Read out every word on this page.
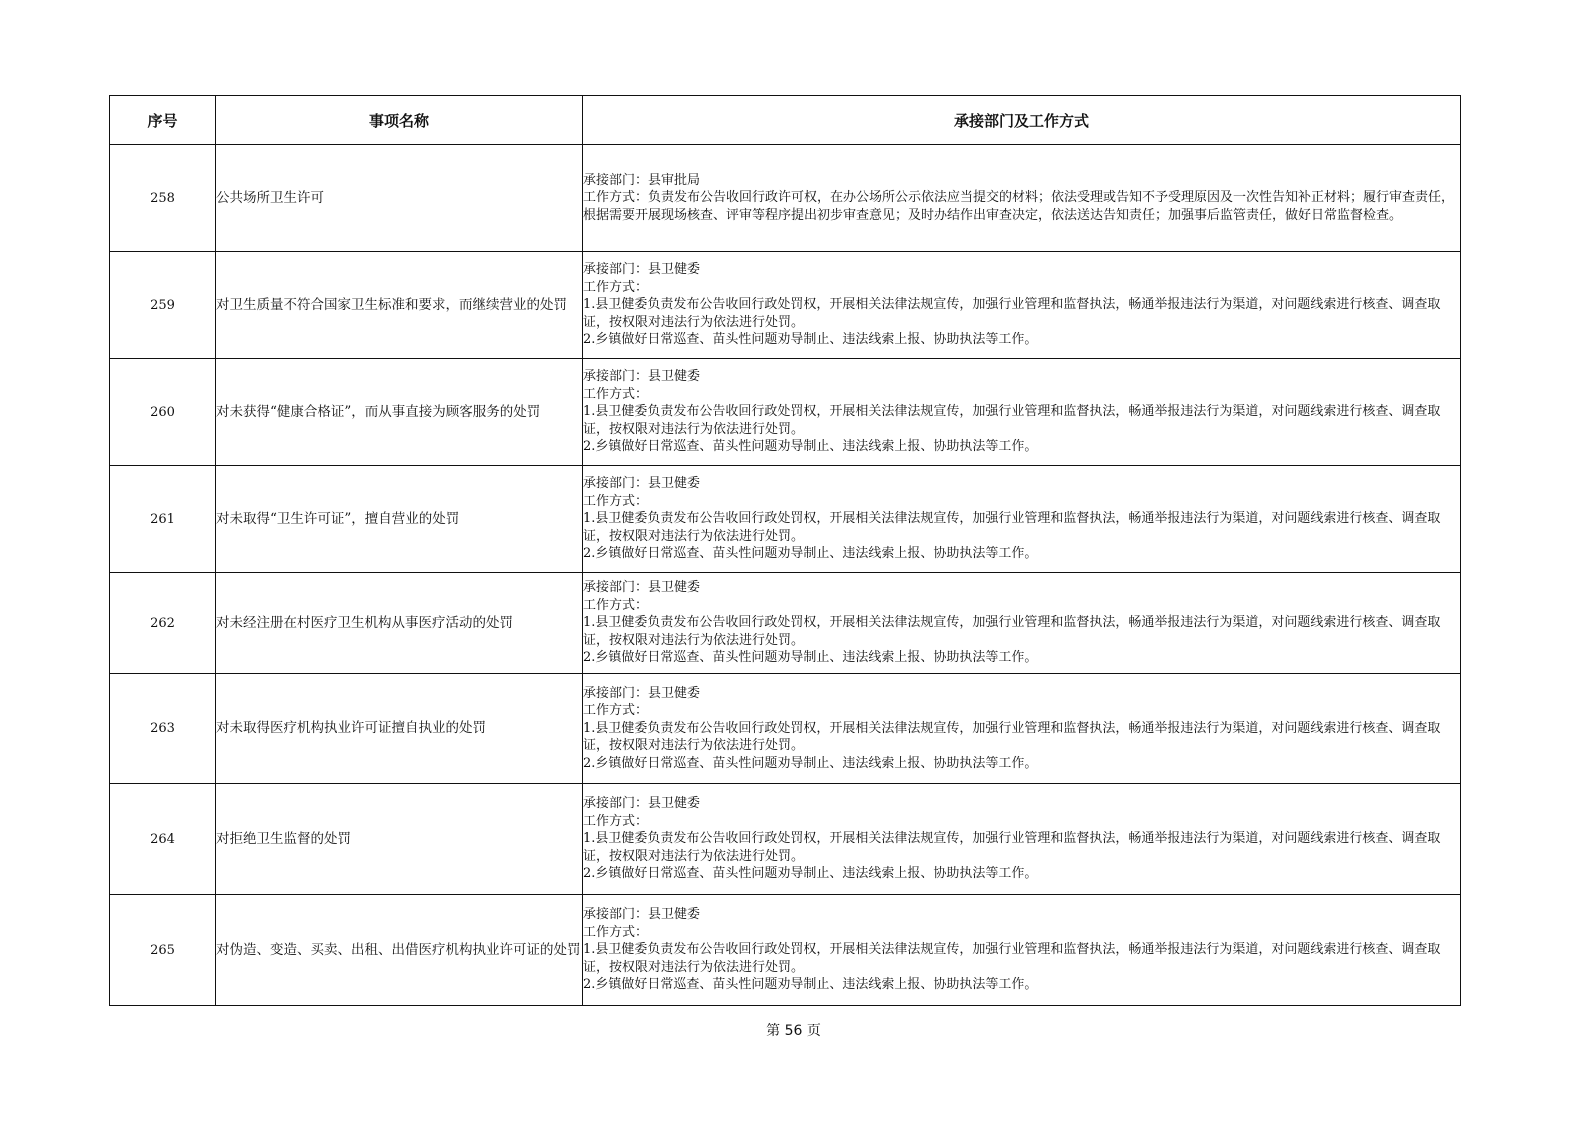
序号	事项名称	承接部门及工作方式
258	公共场所卫生许可	承接部门：县审批局
工作方式：负责发布公告收回行政许可权，在办公场所公示依法应当提交的材料；依法受理或告知不予受理原因及一次性告知补正材料；履行审查责任，根据需要开展现场核查、评审等程序提出初步审查意见；及时办结作出审查决定，依法送达告知责任；加强事后监管责任，做好日常监督检查。

259	对卫生质量不符合国家卫生标准和要求，而继续营业的处罚	承接部门：县卫健委
工作方式：
1.县卫健委负责发布公告收回行政处罚权，开展相关法律法规宣传，加强行业管理和监督执法，畅通举报违法行为渠道，对问题线索进行核查、调查取证，按权限对违法行为依法进行处罚。
2.乡镇做好日常巡查、苗头性问题劝导制止、违法线索上报、协助执法等工作。

260	对未获得“健康合格证”，而从事直接为顾客服务的处罚	承接部门：县卫健委
工作方式：
1.县卫健委负责发布公告收回行政处罚权，开展相关法律法规宣传，加强行业管理和监督执法，畅通举报违法行为渠道，对问题线索进行核查、调查取证，按权限对违法行为依法进行处罚。
2.乡镇做好日常巡查、苗头性问题劝导制止、违法线索上报、协助执法等工作。

261	对未取得“卫生许可证”，擅自营业的处罚	承接部门：县卫健委
工作方式：
1.县卫健委负责发布公告收回行政处罚权，开展相关法律法规宣传，加强行业管理和监督执法，畅通举报违法行为渠道，对问题线索进行核查、调查取证，按权限对违法行为依法进行处罚。
2.乡镇做好日常巡查、苗头性问题劝导制止、违法线索上报、协助执法等工作。

262	对未经注册在村医疗卫生机构从事医疗活动的处罚	承接部门：县卫健委
工作方式：
1.县卫健委负责发布公告收回行政处罚权，开展相关法律法规宣传，加强行业管理和监督执法，畅通举报违法行为渠道，对问题线索进行核查、调查取证，按权限对违法行为依法进行处罚。
2.乡镇做好日常巡查、苗头性问题劝导制止、违法线索上报、协助执法等工作。

263	对未取得医疗机构执业许可证擅自执业的处罚	承接部门：县卫健委
工作方式：
1.县卫健委负责发布公告收回行政处罚权，开展相关法律法规宣传，加强行业管理和监督执法，畅通举报违法行为渠道，对问题线索进行核查、调查取证，按权限对违法行为依法进行处罚。
2.乡镇做好日常巡查、苗头性问题劝导制止、违法线索上报、协助执法等工作。

264	对拒绝卫生监督的处罚	承接部门：县卫健委
工作方式：
1.县卫健委负责发布公告收回行政处罚权，开展相关法律法规宣传，加强行业管理和监督执法，畅通举报违法行为渠道，对问题线索进行核查、调查取证，按权限对违法行为依法进行处罚。
2.乡镇做好日常巡查、苗头性问题劝导制止、违法线索上报、协助执法等工作。

265	对伪造、变造、买卖、出租、出借医疗机构执业许可证的处罚	承接部门：县卫健委
工作方式：
1.县卫健委负责发布公告收回行政处罚权，开展相关法律法规宣传，加强行业管理和监督执法，畅通举报违法行为渠道，对问题线索进行核查、调查取证，按权限对违法行为依法进行处罚。
2.乡镇做好日常巡查、苗头性问题劝导制止、违法线索上报、协助执法等工作。
第 56 页
